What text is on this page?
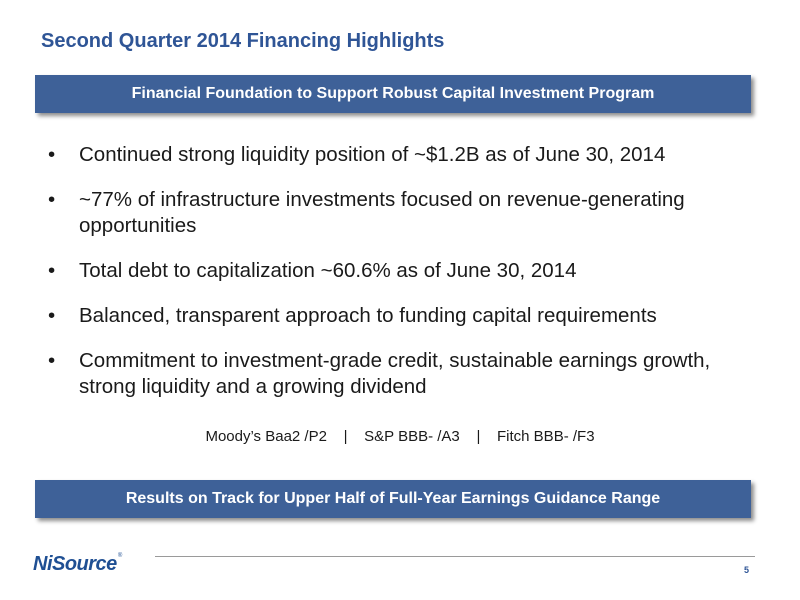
Second Quarter 2014 Financing Highlights
Financial Foundation to Support Robust Capital Investment Program
• Continued strong liquidity position of ~$1.2B as of June 30, 2014
• ~77% of infrastructure investments focused on revenue-generating opportunities
• Total debt to capitalization ~60.6% as of June 30, 2014
• Balanced, transparent approach to funding capital requirements
• Commitment to investment-grade credit, sustainable earnings growth, strong liquidity and a growing dividend
Moody’s Baa2 /P2    |    S&P BBB- /A3    |    Fitch BBB- /F3
Results on Track for Upper Half of Full-Year Earnings Guidance Range
NiSource ®
5
